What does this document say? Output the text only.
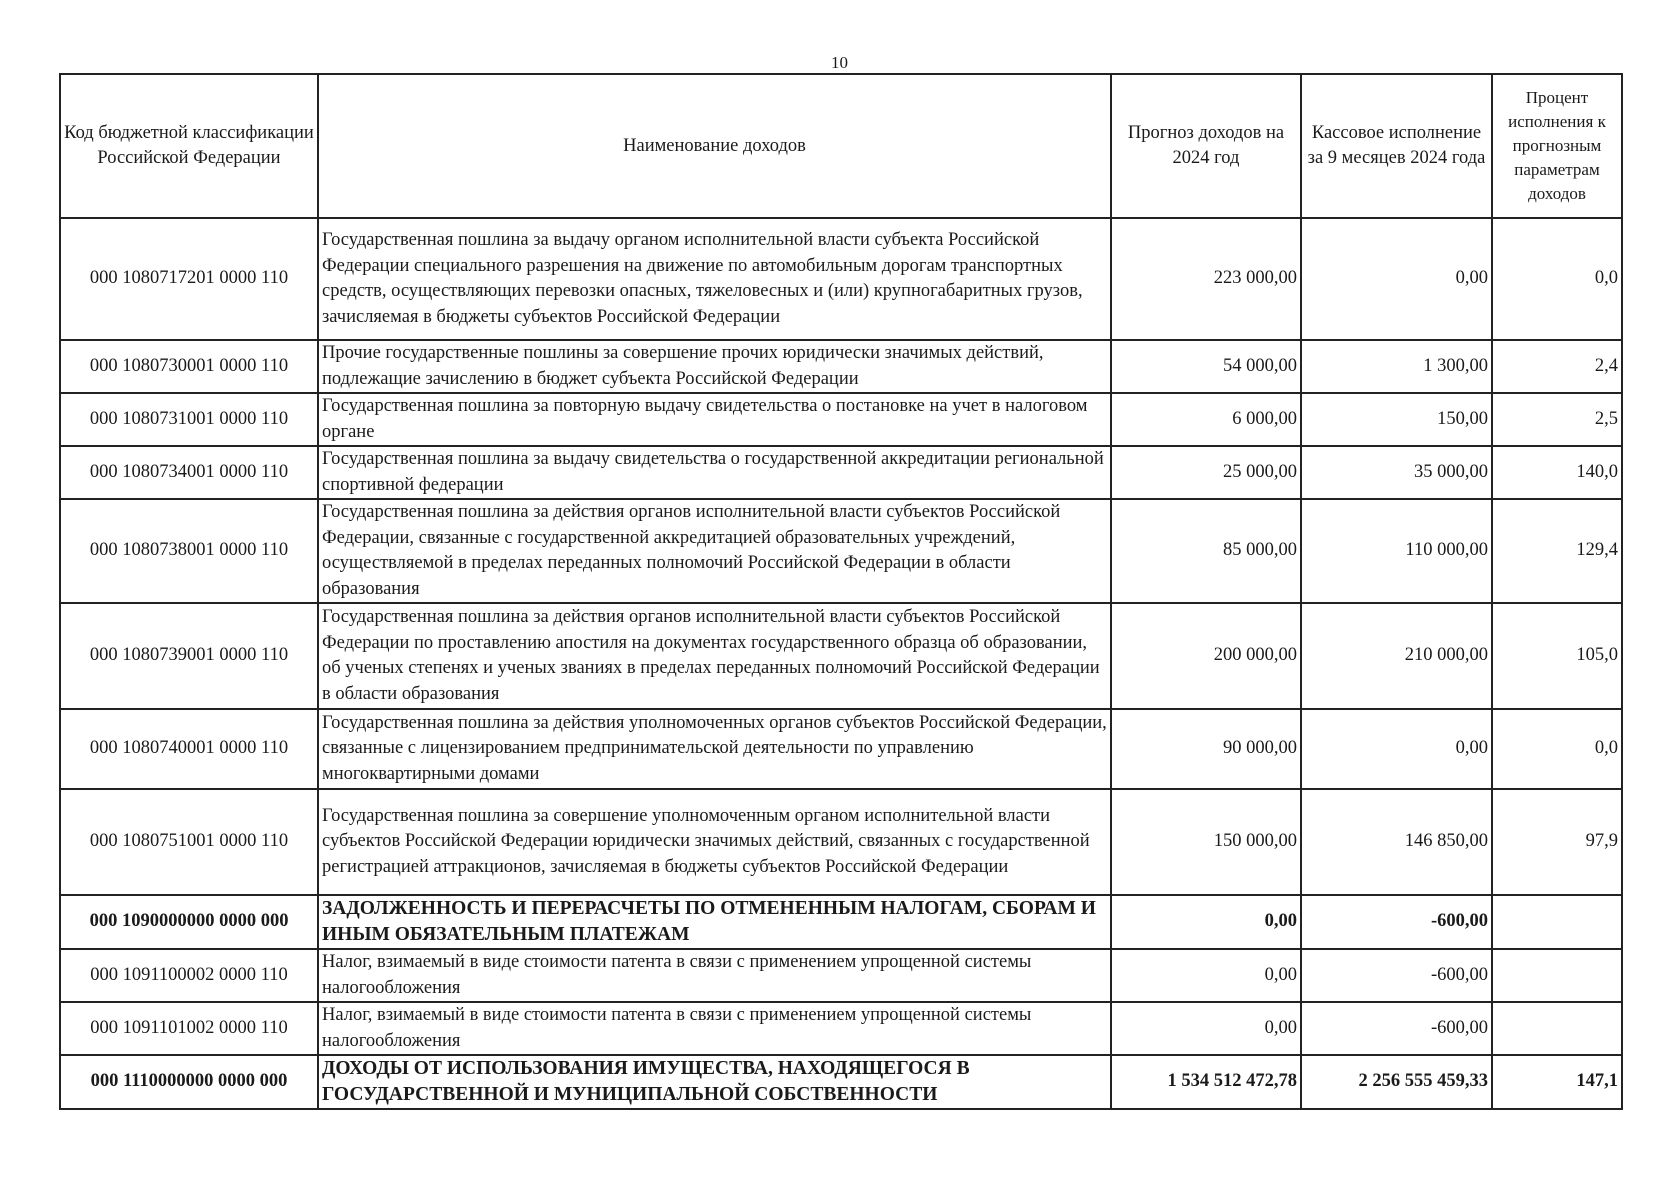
10
Код бюджетной классификации Российской Федерации	Наименование доходов	Прогноз доходов на 2024 год	Кассовое исполнение за 9 месяцев 2024 года	Процент исполнения к прогнозным параметрам доходов
000 1080717201 0000 110	Государственная пошлина за выдачу органом исполнительной власти субъекта Российской Федерации специального разрешения на движение по автомобильным дорогам транспортных средств, осуществляющих перевозки опасных, тяжеловесных и (или) крупногабаритных грузов, зачисляемая в бюджеты субъектов Российской Федерации	223 000,00	0,00	0,0
000 1080730001 0000 110	Прочие государственные пошлины за совершение прочих юридически значимых действий, подлежащие зачислению в бюджет субъекта Российской Федерации	54 000,00	1 300,00	2,4
000 1080731001 0000 110	Государственная пошлина за повторную выдачу свидетельства о постановке на учет в налоговом органе	6 000,00	150,00	2,5
000 1080734001 0000 110	Государственная пошлина за выдачу свидетельства о государственной аккредитации региональной спортивной федерации	25 000,00	35 000,00	140,0
000 1080738001 0000 110	Государственная пошлина за действия органов исполнительной власти субъектов Российской Федерации, связанные с государственной аккредитацией образовательных учреждений, осуществляемой в пределах переданных полномочий Российской Федерации в области образования	85 000,00	110 000,00	129,4
000 1080739001 0000 110	Государственная пошлина за действия органов исполнительной власти субъектов Российской Федерации по проставлению апостиля на документах государственного образца об образовании, об ученых степенях и ученых званиях в пределах переданных полномочий Российской Федерации в области образования	200 000,00	210 000,00	105,0
000 1080740001 0000 110	Государственная пошлина за действия уполномоченных органов субъектов Российской Федерации, связанные с лицензированием предпринимательской деятельности по управлению многоквартирными домами	90 000,00	0,00	0,0
000 1080751001 0000 110	Государственная пошлина за совершение уполномоченным органом исполнительной власти субъектов Российской Федерации юридически значимых действий, связанных с государственной регистрацией аттракционов, зачисляемая в бюджеты субъектов Российской Федерации	150 000,00	146 850,00	97,9
000 1090000000 0000 000	ЗАДОЛЖЕННОСТЬ И ПЕРЕРАСЧЕТЫ ПО ОТМЕНЕННЫМ НАЛОГАМ, СБОРАМ И ИНЫМ ОБЯЗАТЕЛЬНЫМ ПЛАТЕЖАМ	0,00	-600,00	
000 1091100002 0000 110	Налог, взимаемый в виде стоимости патента в связи с применением упрощенной системы налогообложения	0,00	-600,00	
000 1091101002 0000 110	Налог, взимаемый в виде стоимости патента в связи с применением упрощенной системы налогообложения	0,00	-600,00	
000 1110000000 0000 000	ДОХОДЫ ОТ ИСПОЛЬЗОВАНИЯ ИМУЩЕСТВА, НАХОДЯЩЕГОСЯ В ГОСУДАРСТВЕННОЙ И МУНИЦИПАЛЬНОЙ СОБСТВЕННОСТИ	1 534 512 472,78	2 256 555 459,33	147,1
